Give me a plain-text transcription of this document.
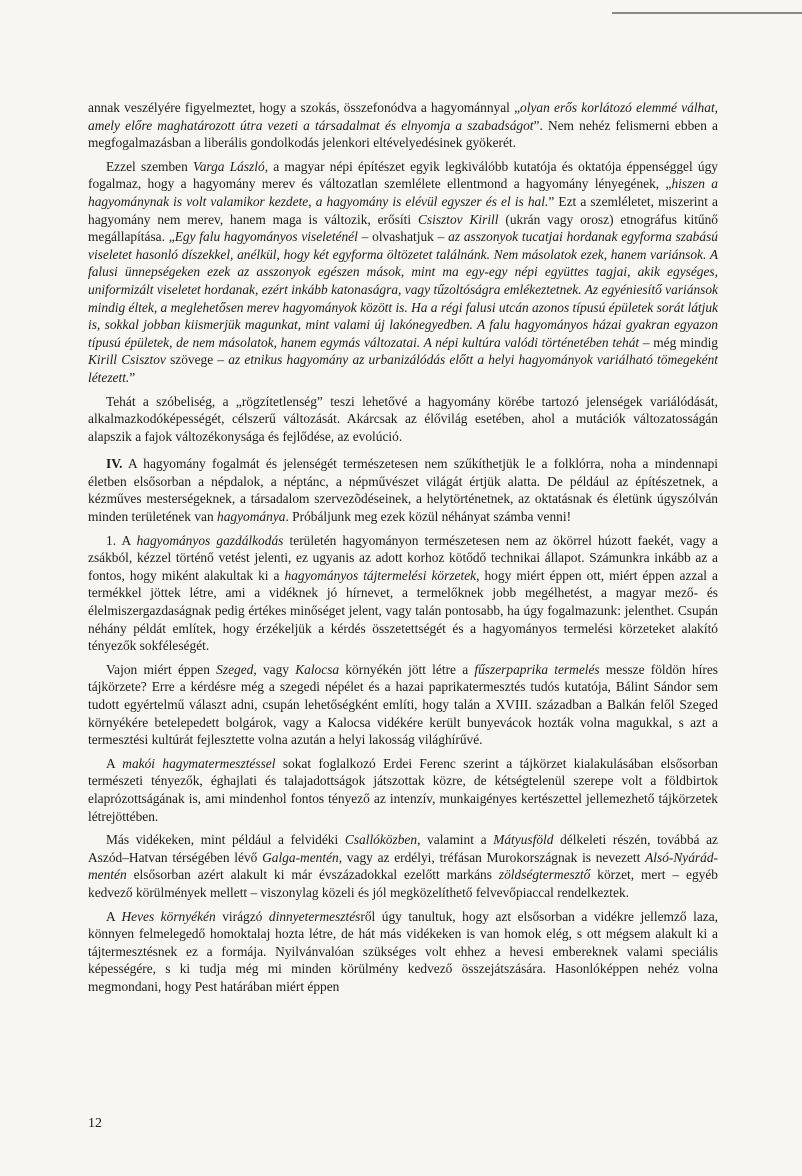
annak veszélyére figyelmeztet, hogy a szokás, összefonódva a hagyománnyal „olyan erős korlátozó elemmé válhat, amely előre maghatározott útra vezeti a társadalmat és elnyomja a szabadságot”. Nem nehéz felismerni ebben a megfogalmazásban a liberális gondolkodás jelenkori eltévelyedésinek gyökerét.

Ezzel szemben Varga László, a magyar népi építészet egyik legkiválóbb kutatója és oktatója éppenséggel úgy fogalmaz, hogy a hagyomány merev és változatlan szemlélete ellentmond a hagyomány lényegének, „hiszen a hagyománynak is volt valamikor kezdete, a hagyomány is elévül egyszer és el is hal.” Ezt a szemléletet, miszerint a hagyomány nem merev, hanem maga is változik, erősíti Csisztov Kirill (ukrán vagy orosz) etnográfus kitűnő megállapítása. „Egy falu hagyományos viseleténél – olvashatjuk – az asszonyok tucatjai hordanak egyforma szabású viseletet hasonló díszekkel, anélkül, hogy két egyforma öltözetet találnánk. Nem másolatok ezek, hanem variánsok. A falusi ünnepségeken ezek az asszonyok egészen mások, mint ma egy-egy népi együttes tagjai, akik egységes, uniformizált viseletet hordanak, ezért inkább katonaságra, vagy tűzoltóságra emlékeztetnek. Az egyéniesítő variánsok mindig éltek, a meglehetősen merev hagyományok között is. Ha a régi falusi utcán azonos típusú épületek sorát látjuk is, sokkal jobban kiismerjük magunkat, mint valami új lakónegyedben. A falu hagyományos házai gyakran egyazon típusú épületek, de nem másolatok, hanem egymás változatai. A népi kultúra valódi történetében tehát – még mindig Kirill Csisztov szövege – az etnikus hagyomány az urbanizálódás előtt a helyi hagyományok variálható tömegeként létezett.”

Tehát a szóbeliség, a „rögzítetlenség” teszi lehetővé a hagyomány körébe tartozó jelenségek variálódását, alkalmazkodóképességét, célszerű változását. Akárcsak az élővilág esetében, ahol a mutációk változatosságán alapszik a fajok változékonysága és fejlődése, az evolúció.

IV. A hagyomány fogalmát és jelenségét természetesen nem szűkíthetjük le a folklórra, noha a mindennapi életben elsősorban a népdalok, a néptánc, a népművészet világát értjük alatta. De például az építészetnek, a kézműves mesterségeknek, a társadalom szervezõdéseinek, a helytörténetnek, az oktatásnak és életünk úgyszólván minden területének van hagyománya. Próbáljunk meg ezek közül néhányat számba venni!

1. A hagyományos gazdálkodás területén hagyományon természetesen nem az ökörrel húzott faekét, vagy a zsákból, kézzel történő vetést jelenti, ez ugyanis az adott korhoz kötődő technikai állapot. Számunkra inkább az a fontos, hogy miként alakultak ki a hagyományos tájtermelési körzetek, hogy miért éppen ott, miért éppen azzal a termékkel jöttek létre, ami a vidéknek jó hírnevet, a termelőknek jobb megélhetést, a magyar mező- és élelmiszergazdaságnak pedig értékes minőséget jelent, vagy talán pontosabb, ha úgy fogalmazunk: jelenthet. Csupán néhány példát említek, hogy érzékeljük a kérdés összetettségét és a hagyományos termelési körzeteket alakító tényezők sokféleségét.

Vajon miért éppen Szeged, vagy Kalocsa környékén jött létre a fűszerpaprika termelés messze földön híres tájkörzete? Erre a kérdésre még a szegedi népélet és a hazai paprikatermesztés tudós kutatója, Bálint Sándor sem tudott egyértelmű választ adni, csupán lehetőségként említi, hogy talán a XVIII. században a Balkán felől Szeged környékére betelepedett bolgárok, vagy a Kalocsa vidékére került bunyevácok hozták volna magukkal, s azt a termesztési kultúrát fejlesztette volna azután a helyi lakosság világhírűvé.

A makói hagymatermesztéssel sokat foglalkozó Erdei Ferenc szerint a tájkörzet kialakulásában elsősorban természeti tényezők, éghajlati és talajadottságok játszottak közre, de kétségtelenül szerepe volt a földbirtok elaprózottságának is, ami mindenhol fontos tényező az intenzív, munkaigényes kertészettel jellemezhető tájkörzetek létrejöttében.

Más vidékeken, mint például a felvidéki Csallóközben, valamint a Mátyusföld délkeleti részén, továbbá az Aszód–Hatvan térségében lévő Galga-mentén, vagy az erdélyi, tréfásan Murokországnak is nevezett Alsó-Nyárád-mentén elsősorban azért alakult ki már évszázadokkal ezelőtt markáns zöldségtermesztő körzet, mert – egyéb kedvező körülmények mellett – viszonylag közeli és jól megközelíthető felvevőpiaccal rendelkeztek.

A Heves környékén virágzó dinnyetermesztésről úgy tanultuk, hogy azt elsősorban a vidékre jellemző laza, könnyen felmelegedő homoktalaj hozta létre, de hát más vidékeken is van homok elég, s ott mégsem alakult ki a tájtermesztésnek ez a formája. Nyilvánvalóan szükséges volt ehhez a hevesi embereknek valami speciális képességére, s ki tudja még mi minden körülmény kedvező összejátszására. Hasonlóképpen nehéz volna megmondani, hogy Pest határában miért éppen

12
